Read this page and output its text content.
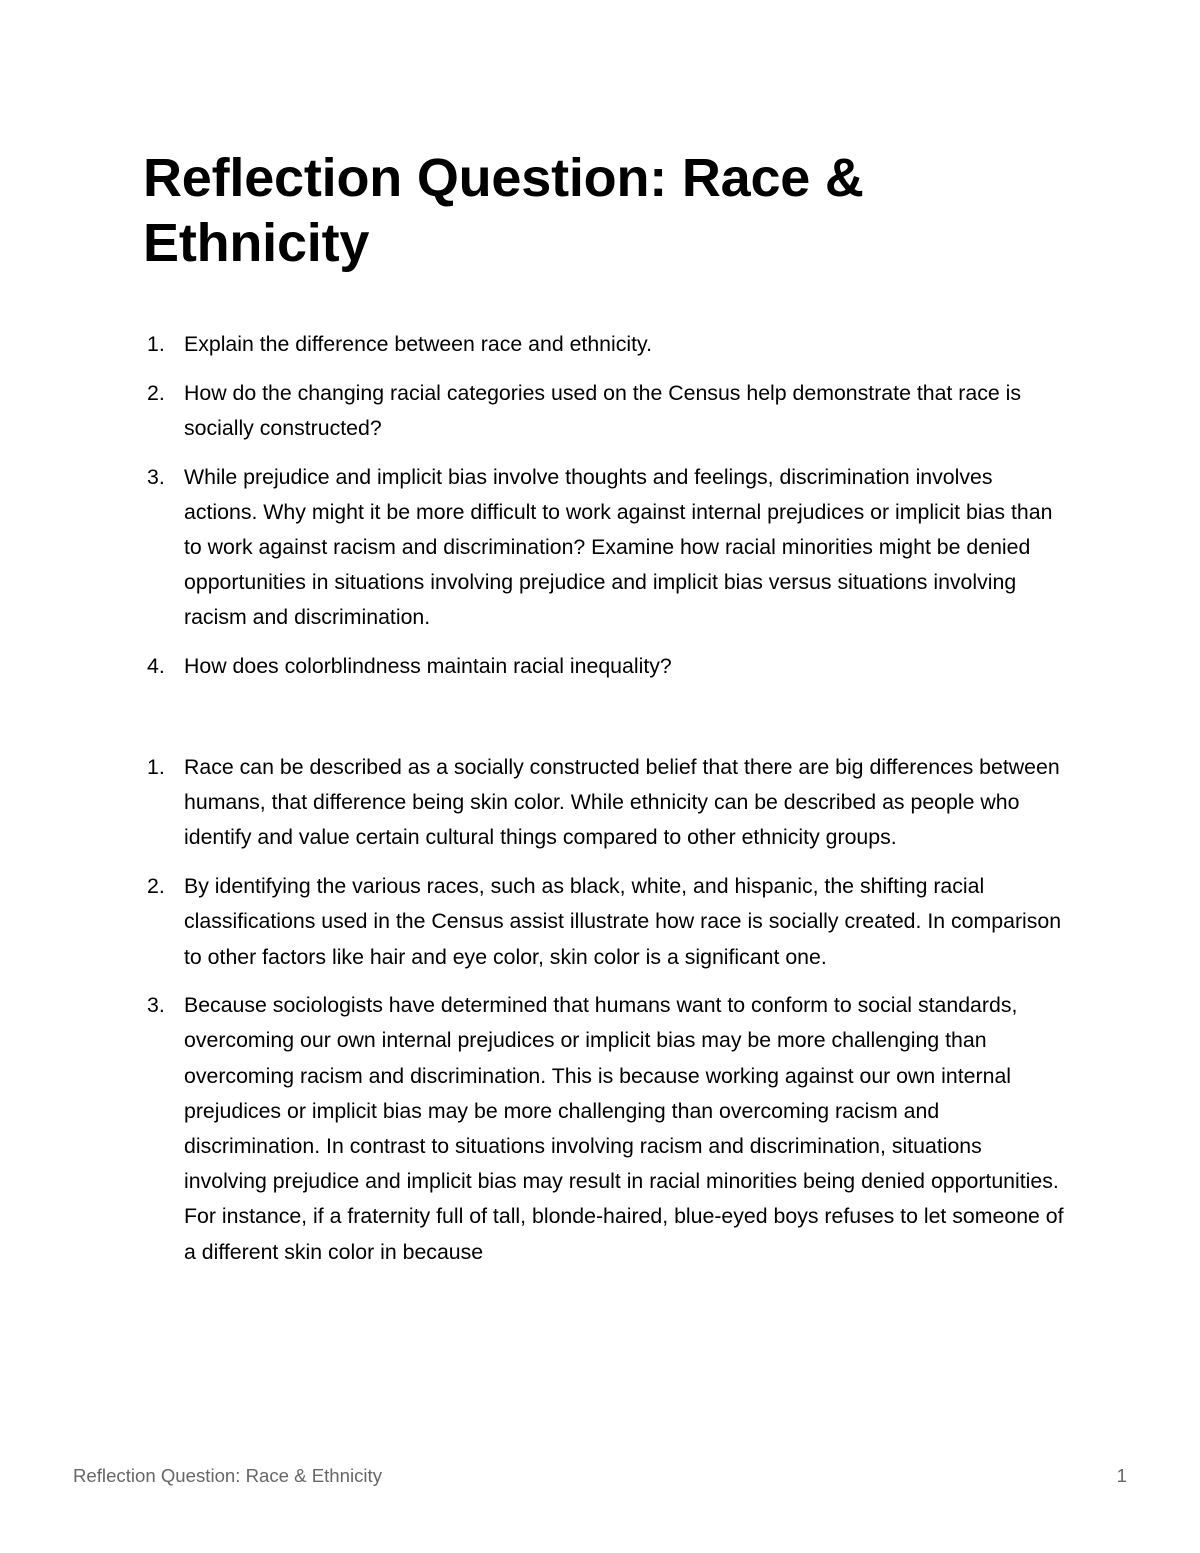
Reflection Question: Race & Ethnicity
1. Explain the difference between race and ethnicity.
2. How do the changing racial categories used on the Census help demonstrate that race is socially constructed?
3. While prejudice and implicit bias involve thoughts and feelings, discrimination involves actions. Why might it be more difficult to work against internal prejudices or implicit bias than to work against racism and discrimination? Examine how racial minorities might be denied opportunities in situations involving prejudice and implicit bias versus situations involving racism and discrimination.
4. How does colorblindness maintain racial inequality?
1. Race can be described as a socially constructed belief that there are big differences between humans, that difference being skin color. While ethnicity can be described as people who identify and value certain cultural things compared to other ethnicity groups.
2. By identifying the various races, such as black, white, and hispanic, the shifting racial classifications used in the Census assist illustrate how race is socially created. In comparison to other factors like hair and eye color, skin color is a significant one.
3. Because sociologists have determined that humans want to conform to social standards, overcoming our own internal prejudices or implicit bias may be more challenging than overcoming racism and discrimination. This is because working against our own internal prejudices or implicit bias may be more challenging than overcoming racism and discrimination. In contrast to situations involving racism and discrimination, situations involving prejudice and implicit bias may result in racial minorities being denied opportunities. For instance, if a fraternity full of tall, blonde-haired, blue-eyed boys refuses to let someone of a different skin color in because
Reflection Question: Race & Ethnicity	1
